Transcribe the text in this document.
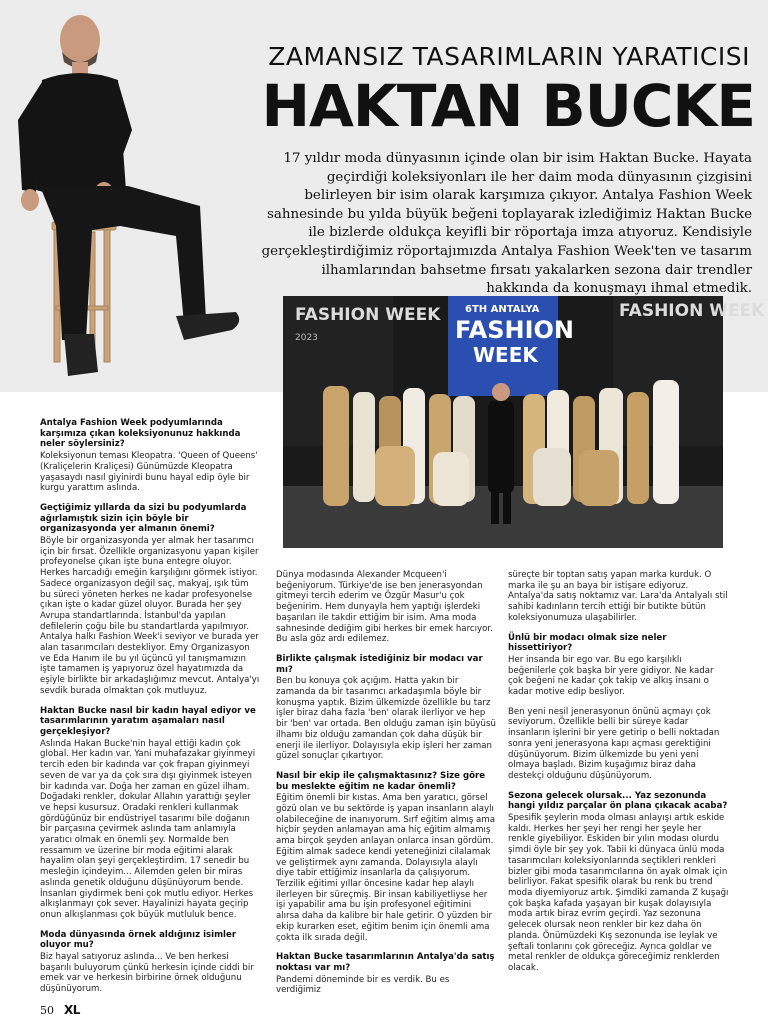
ZAMANSIZ TASARIMLARIN YARATICISI
HAKTAN BUCKE
17 yıldır moda dünyasının içinde olan bir isim Haktan Bucke. Hayata geçirdiği koleksiyonları ile her daim moda dünyasının çizgisini belirleyen bir isim olarak karşımıza çıkıyor. Antalya Fashion Week sahnesinde bu yılda büyük beğeni toplayarak izlediğimiz Haktan Bucke ile bizlerde oldukça keyifli bir röportaja imza atıyoruz. Kendisiyle gerçekleştirdiğimiz röportajımızda Antalya Fashion Week'ten ve tasarım ilhamlarından bahsetme fırsatı yakalarken sezona dair trendler hakkında da konuşmayı ihmal etmedik.
FASHION WEEK
2023
6TH ANTALYA
FASHION
WEEK
FASHION WEEK
Antalya Fashion Week podyumlarında karşımıza çıkan koleksiyonunuz hakkında neler söylersiniz?
Koleksiyonun teması Kleopatra. 'Queen of Queens' (Kraliçelerin Kraliçesi) Günümüzde Kleopatra yaşasaydı nasıl giyinirdi bunu hayal edip öyle bir kurgu yarattım aslında.
Geçtiğimiz yıllarda da sizi bu podyumlarda ağırlamıştık sizin için böyle bir organizasyonda yer almanın önemi?
Böyle bir organizasyonda yer almak her tasarımcı için bir fırsat. Özellikle organizasyonu yapan kişiler profeyonelse çıkan işte buna entegre oluyor. Herkes harcadığı emeğin karşılığını görmek istiyor. Sadece organizasyon değil saç, makyaj, ışık tüm bu süreci yöneten herkes ne kadar profesyonelse çıkan işte o kadar güzel oluyor. Burada her şey Avrupa standartlarında. İstanbul'da yapılan defilelerin çoğu bile bu standartlarda yapılmıyor. Antalya halkı Fashion Week'i seviyor ve burada yer alan tasarımcıları destekliyor. Emy Organizasyon ve Eda Hanım ile bu yıl üçüncü yıl tanışmamızın işte tamamen iş yapıyoruz özel hayatımızda da eşiyle birlikte bir arkadaşlığımız mevcut. Antalya'yı sevdik burada olmaktan çok mutluyuz.
Haktan Bucke nasıl bir kadın hayal ediyor ve tasarımlarının yaratım aşamaları nasıl gerçekleşiyor?
Aslında Hakan Bucke'nin hayal ettiği kadın çok global. Her kadın var. Yani muhafazakar giyinmeyi tercih eden bir kadında var çok frapan giyinmeyi seven de var ya da çok sıra dışı giyinmek isteyen bir kadında var. Doğa her zaman en güzel ilham. Doğadaki renkler, dokular Allahın yarattığı şeyler ve hepsi kusursuz. Oradaki renkleri kullanmak gördüğünüz bir endüstriyel tasarımı bile doğanın bir parçasına çevirmek aslında tam anlamıyla yaratıcı olmak en önemli şey. Normalde ben ressamım ve üzerine bir moda eğitimi alarak hayalim olan şeyi gerçekleştirdim. 17 senedir bu mesleğin içindeyim... Ailemden gelen bir miras aslında genetik olduğunu düşünüyorum bende. İnsanları giydirmek beni çok mutlu ediyor. Herkes alkışlanmayı çok sever. Hayalinizi hayata geçirip onun alkışlanması çok büyük mutluluk bence.
Moda dünyasında örnek aldığınız isimler oluyor mu?
Biz hayal satıyoruz aslında... Ve ben herkesi başarılı buluyorum çünkü herkesin içinde ciddi bir emek var ve herkesin birbirine örnek olduğunu düşünüyorum.
Dünya modasında Alexander Mcqueen'i beğeniyorum. Türkiye'de ise ben jenerasyondan gitmeyi tercih ederim ve Özgür Masur'u çok beğenirim. Hem dunyayla hem yaptığı işlerdeki başarıları ile takdir ettiğim bir isim. Ama moda sahnesinde dediğim gibi herkes bir emek harcıyor. Bu asla göz ardı edilemez.
Birlikte çalışmak istediğiniz bir modacı var mı?
Ben bu konuya çok açığım. Hatta yakın bir zamanda da bir tasarımcı arkadaşımla böyle bir konuşma yaptık. Bizim ülkemizde özellikle bu tarz işler biraz daha fazla 'ben' olarak ilerliyor ve hep bir 'ben' var ortada. Ben olduğu zaman işin büyüsü ilhamı biz olduğu zamandan çok daha düşük bir enerji ile ilerliyor. Dolayısıyla ekip işleri her zaman güzel sonuçlar çıkartıyor.
Nasıl bir ekip ile çalışmaktasınız? Size göre bu meslekte eğitim ne kadar önemli?
Eğitim önemli bir kıstas. Ama ben yaratıcı, görsel gözü olan ve bu sektörde iş yapan insanların alaylı olabileceğine de inanıyorum. Sırf eğitim almış ama hiçbir şeyden anlamayan ama hiç eğitim almamış ama birçok şeyden anlayan onlarca insan gördüm. Eğitim almak sadece kendi yeteneğinizi cilalamak ve geliştirmek aynı zamanda. Dolayısıyla alaylı diye tabir ettiğimiz insanlarla da çalışıyorum. Terzilik eğitimi yıllar öncesine kadar hep alaylı ilerleyen bir süreçmiş. Bir insan kabiliyetliyse her işi yapabilir ama bu işin profesyonel eğitimini alırsa daha da kalibre bir hale getirir. O yüzden bir ekip kurarken eset, eğitim benim için önemli ama çokta ilk sırada değil.
Haktan Bucke tasarımlarının Antalya'da satış noktası var mı?
Pandemi döneminde bir es verdik. Bu es verdiğimiz
süreçte bir toptan satış yapan marka kurduk. O marka ile şu an baya bir istişare ediyoruz. Antalya'da satış noktamız var. Lara'da Antalyalı stil sahibi kadınların tercih ettiği bir butikte bütün koleksiyonumuza ulaşabilirler.
Ünlü bir modacı olmak size neler hissettiriyor?
Her insanda bir ego var. Bu ego karşılıklı beğenilerle çok başka bir yere gidiyor. Ne kadar çok beğeni ne kadar çok takip ve alkış insanı o kadar motive edip besliyor.
Ben yeni nesil jenerasyonun önünü açmayı çok seviyorum. Özellikle belli bir süreye kadar insanların işlerini bir yere getirip o belli noktadan sonra yeni jenerasyona kapı açması gerektiğini düşünüyorum. Bizim ülkemizde bu yeni yeni olmaya başladı. Bizim kuşağımız biraz daha destekçi olduğunu düşünüyorum.
Sezona gelecek olursak... Yaz sezonunda hangi yıldız parçalar ön plana çıkacak acaba?
Spesifik şeylerin moda olması anlayışı artık eskide kaldı. Herkes her şeyi her rengi her şeyle her renkle giyebiliyor. Eskiden bir yılın modası olurdu şimdi öyle bir şey yok. Tabii ki dünyaca ünlü moda tasarımcıları koleksiyonlarında seçtikleri renkleri bizler gibi moda tasarımcılarına ön ayak olmak için belirliyor. Fakat spesifik olarak bu renk bu trend moda diyemiyoruz artık. Şimdiki zamanda Z kuşağı çok başka kafada yaşayan bir kuşak dolayısıyla moda artık biraz evrim geçirdi. Yaz sezonuna gelecek olursak neon renkler bir kez daha ön planda. Önümüzdeki Kış sezonunda ise leylak ve şeftali tonlarını çok göreceğiz. Ayrıca goldlar ve metal renkler de oldukça göreceğimiz renklerden olacak.
50 XL
